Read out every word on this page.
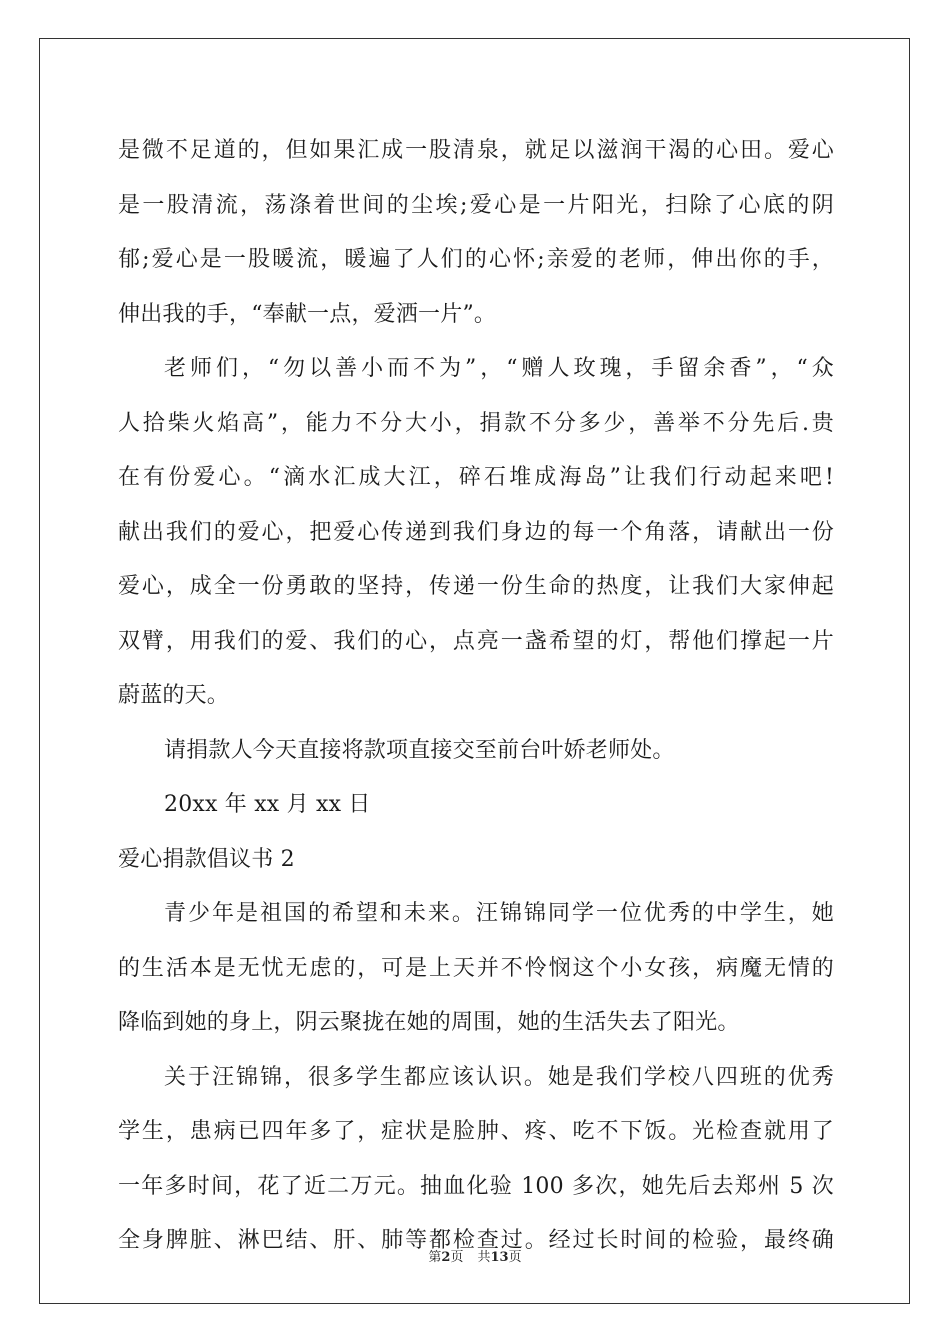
是微不足道的，但如果汇成一股清泉，就足以滋润干渴的心田。爱心
是一股清流，荡涤着世间的尘埃;爱心是一片阳光，扫除了心底的阴
郁;爱心是一股暖流，暖遍了人们的心怀;亲爱的老师，伸出你的手，
伸出我的手，“奉献一点，爱洒一片”。
老师们，“勿以善小而不为”，“赠人玫瑰，手留余香”，“众
人拾柴火焰高”，能力不分大小，捐款不分多少，善举不分先后.贵
在有份爱心。“滴水汇成大江，碎石堆成海岛”让我们行动起来吧!
献出我们的爱心，把爱心传递到我们身边的每一个角落，请献出一份
爱心，成全一份勇敢的坚持，传递一份生命的热度，让我们大家伸起
双臂，用我们的爱、我们的心，点亮一盏希望的灯，帮他们撑起一片
蔚蓝的天。
请捐款人今天直接将款项直接交至前台叶娇老师处。
20xx 年 xx 月 xx 日
爱心捐款倡议书 2
青少年是祖国的希望和未来。汪锦锦同学一位优秀的中学生，她
的生活本是无忧无虑的，可是上天并不怜悯这个小女孩，病魔无情的
降临到她的身上，阴云聚拢在她的周围，她的生活失去了阳光。
关于汪锦锦，很多学生都应该认识。她是我们学校八四班的优秀
学生，患病已四年多了，症状是脸肿、疼、吃不下饭。光检查就用了
一年多时间，花了近二万元。抽血化验 100 多次，她先后去郑州 5 次
全身脾脏、淋巴结、肝、肺等都检查过。经过长时间的检验，最终确
第2页 共13页
